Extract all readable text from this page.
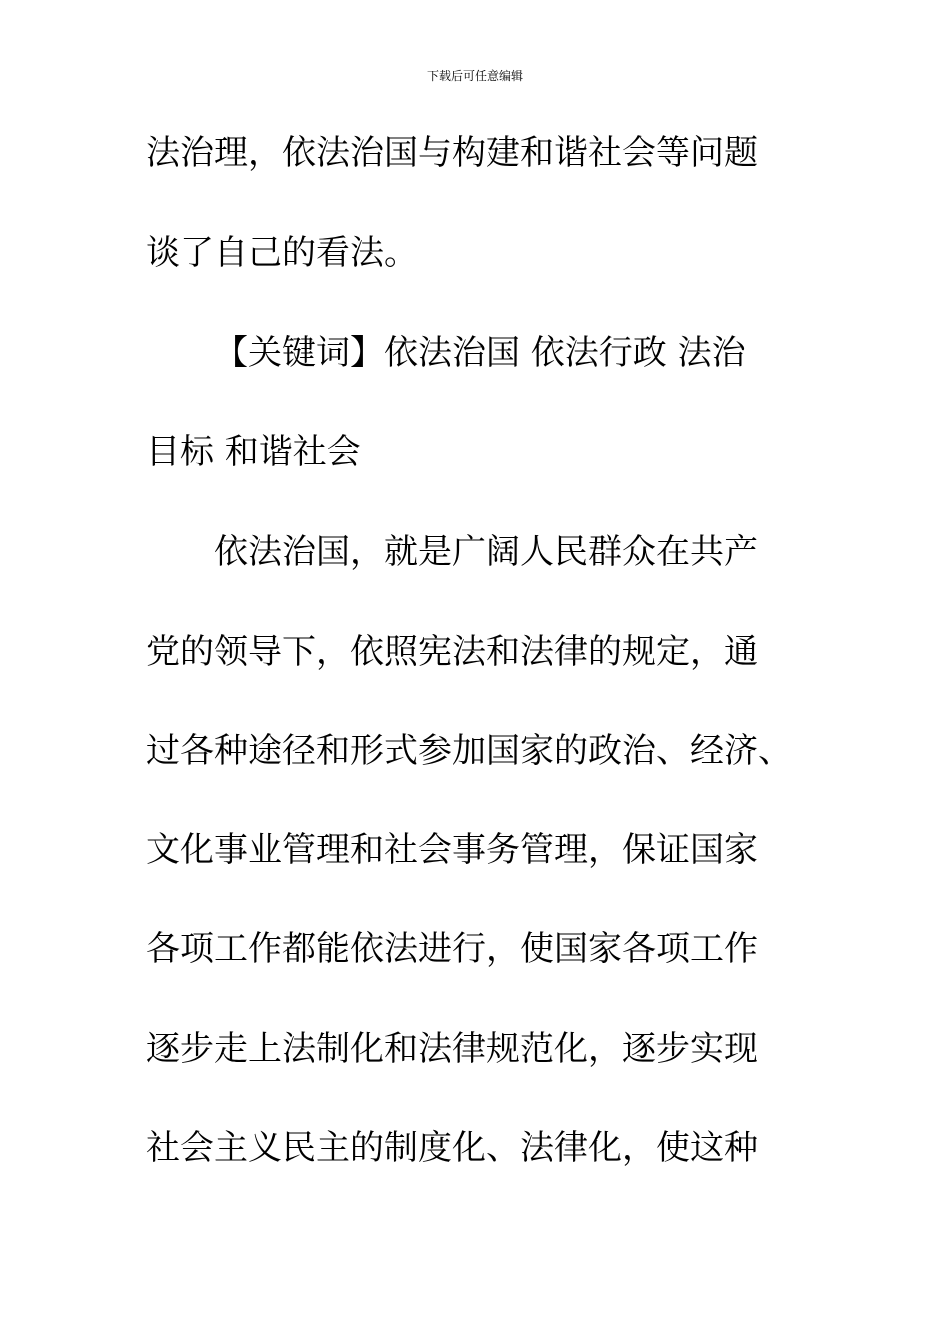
下载后可任意编辑
法治理，依法治国与构建和谐社会等问题
谈了自己的看法。
【关键词】依法治国 依法行政 法治
目标 和谐社会
依法治国，就是广阔人民群众在共产
党的领导下，依照宪法和法律的规定，通
过各种途径和形式参加国家的政治、经济、
文化事业管理和社会事务管理，保证国家
各项工作都能依法进行，使国家各项工作
逐步走上法制化和法律规范化，逐步实现
社会主义民主的制度化、法律化，使这种
